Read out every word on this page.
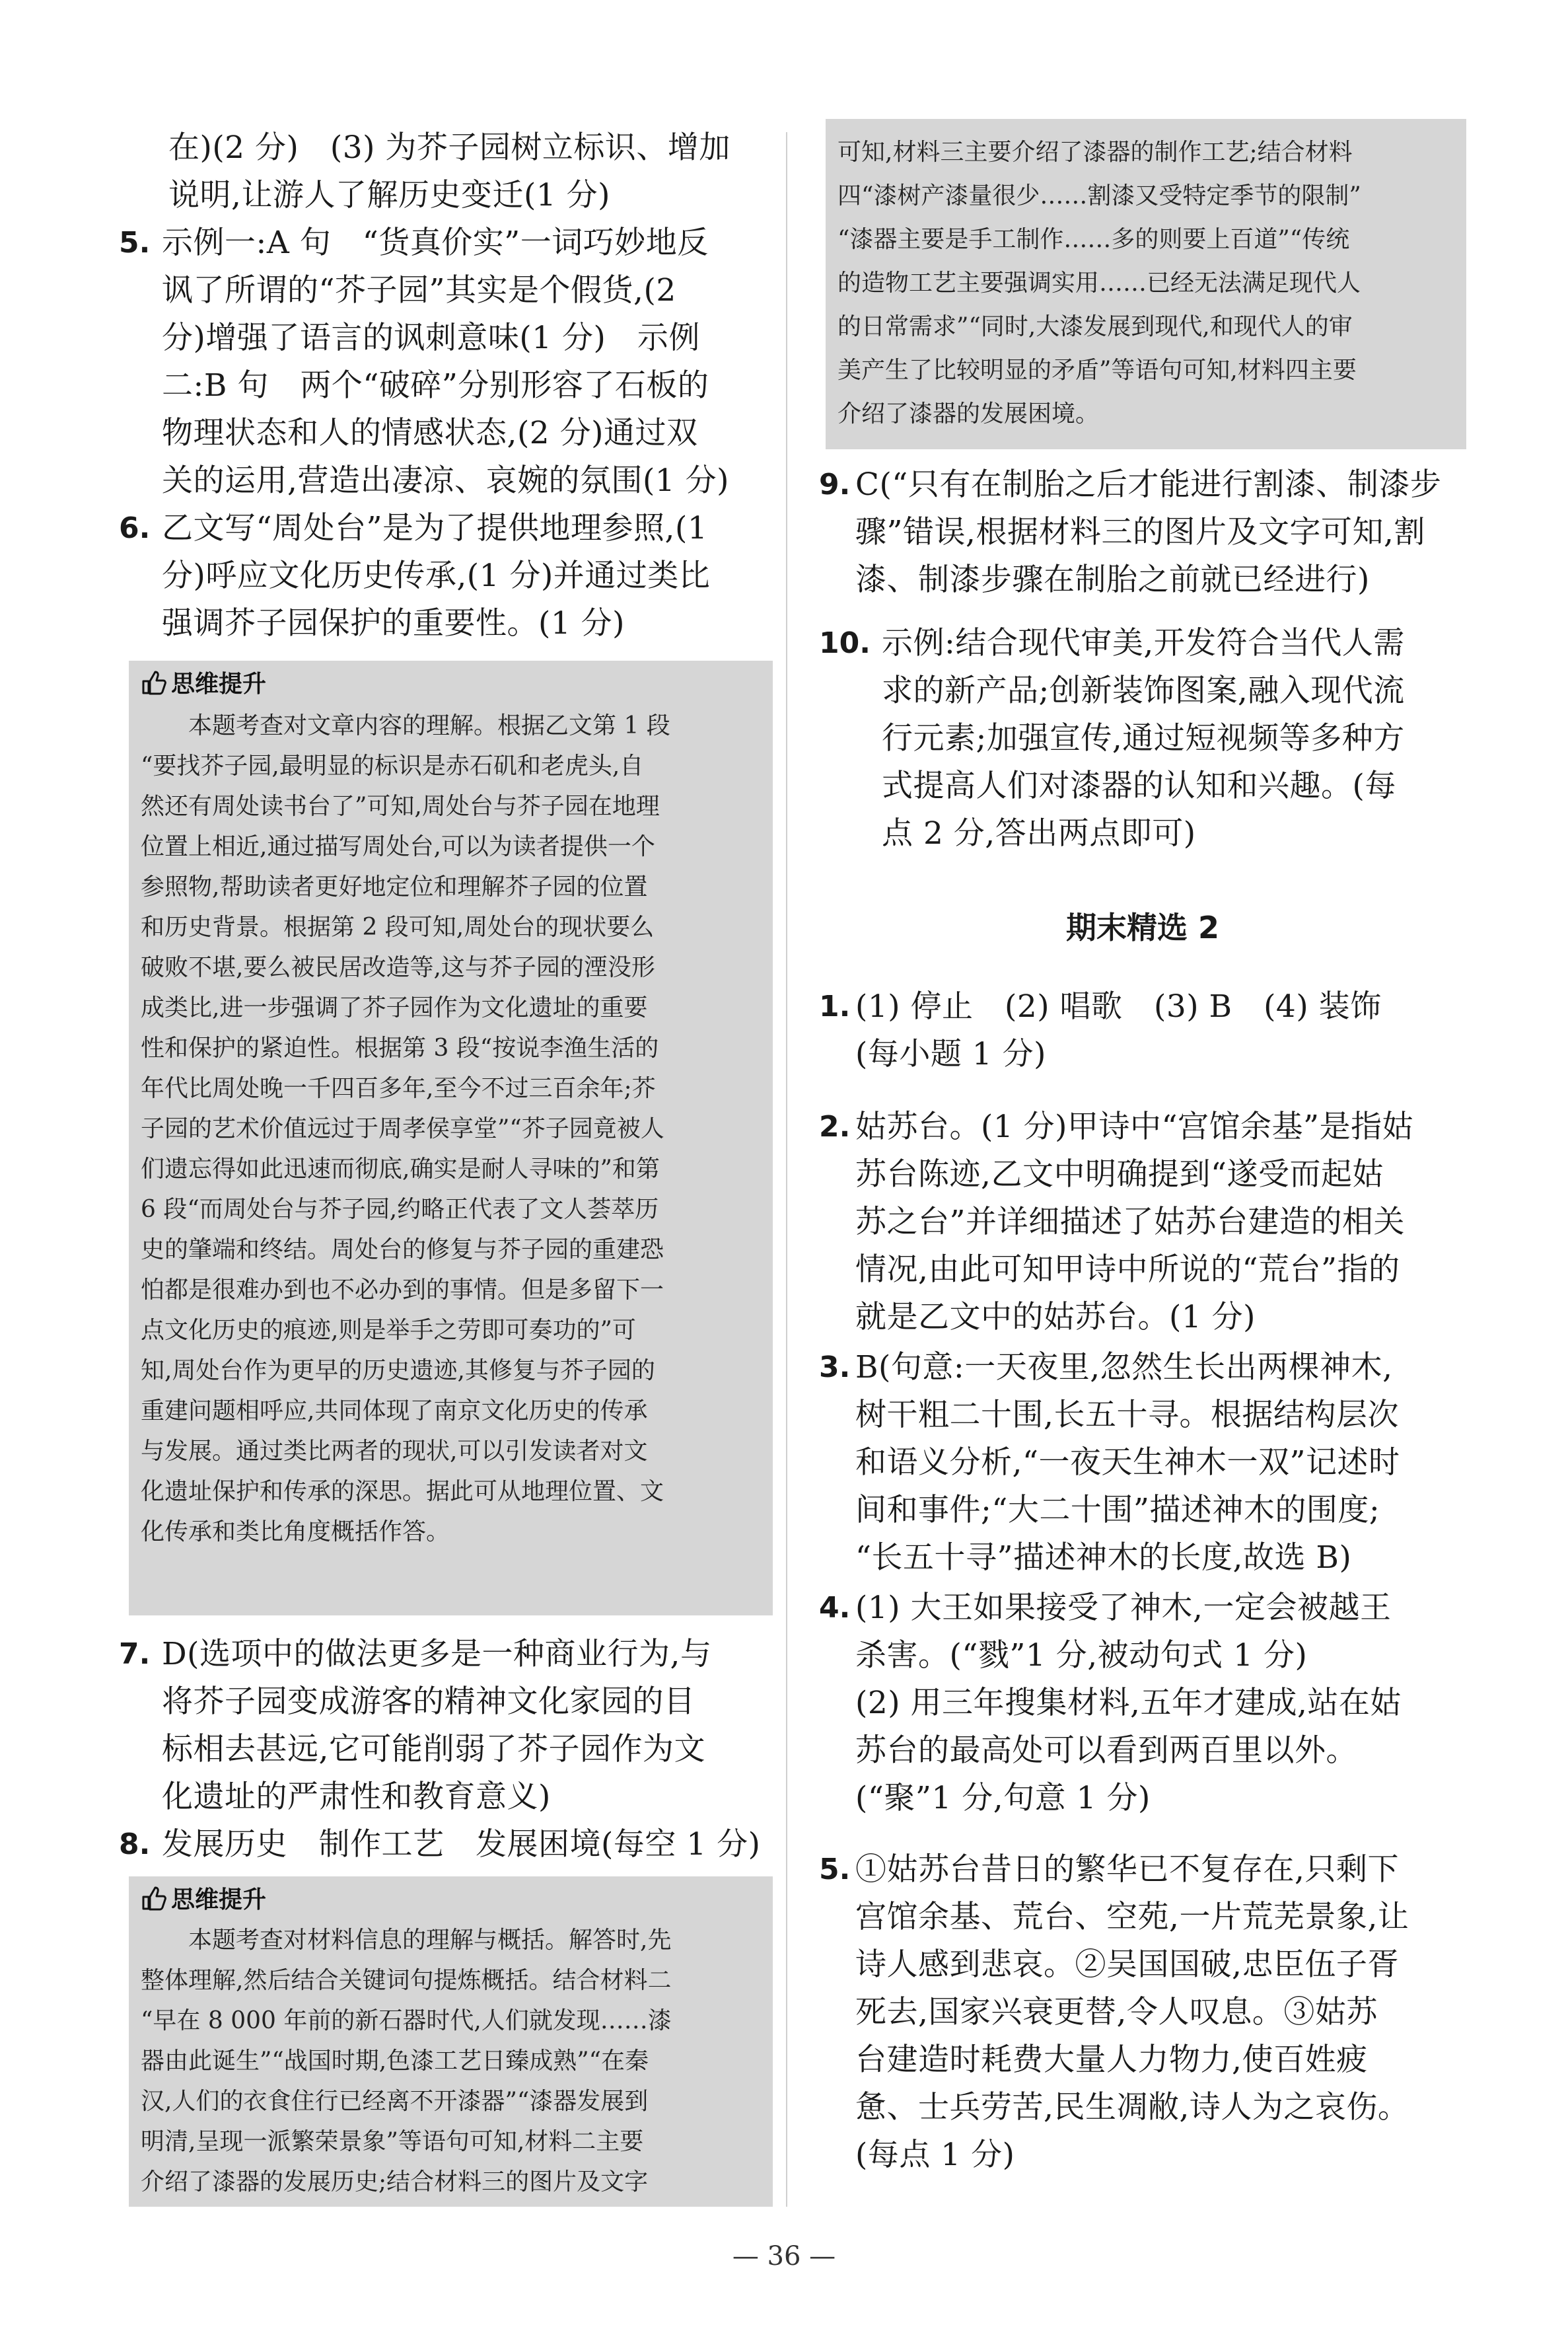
在)(2 分)　(3) 为芥子园树立标识、增加
说明,让游人了解历史变迁(1 分)
5. 示例一:A 句　“货真价实”一词巧妙地反
讽了所谓的“芥子园”其实是个假货,(2
分)增强了语言的讽刺意味(1 分)　示例
二:B 句　两个“破碎”分别形容了石板的
物理状态和人的情感状态,(2 分)通过双
关的运用,营造出凄凉、哀婉的氛围(1 分)
6. 乙文写“周处台”是为了提供地理参照,(1
分)呼应文化历史传承,(1 分)并通过类比
强调芥子园保护的重要性。(1 分)
思维提升
　　本题考查对文章内容的理解。根据乙文第 1 段
“要找芥子园,最明显的标识是赤石矶和老虎头,自
然还有周处读书台了”可知,周处台与芥子园在地理
位置上相近,通过描写周处台,可以为读者提供一个
参照物,帮助读者更好地定位和理解芥子园的位置
和历史背景。根据第 2 段可知,周处台的现状要么
破败不堪,要么被民居改造等,这与芥子园的湮没形
成类比,进一步强调了芥子园作为文化遗址的重要
性和保护的紧迫性。根据第 3 段“按说李渔生活的
年代比周处晚一千四百多年,至今不过三百余年;芥
子园的艺术价值远过于周孝侯享堂”“芥子园竟被人
们遗忘得如此迅速而彻底,确实是耐人寻味的”和第
6 段“而周处台与芥子园,约略正代表了文人荟萃历
史的肇端和终结。周处台的修复与芥子园的重建恐
怕都是很难办到也不必办到的事情。但是多留下一
点文化历史的痕迹,则是举手之劳即可奏功的”可
知,周处台作为更早的历史遗迹,其修复与芥子园的
重建问题相呼应,共同体现了南京文化历史的传承
与发展。通过类比两者的现状,可以引发读者对文
化遗址保护和传承的深思。据此可从地理位置、文
化传承和类比角度概括作答。
7. D(选项中的做法更多是一种商业行为,与
将芥子园变成游客的精神文化家园的目
标相去甚远,它可能削弱了芥子园作为文
化遗址的严肃性和教育意义)
8. 发展历史　制作工艺　发展困境(每空 1 分)
思维提升
　　本题考查对材料信息的理解与概括。解答时,先
整体理解,然后结合关键词句提炼概括。结合材料二
“早在 8 000 年前的新石器时代,人们就发现……漆
器由此诞生”“战国时期,色漆工艺日臻成熟”“在秦
汉,人们的衣食住行已经离不开漆器”“漆器发展到
明清,呈现一派繁荣景象”等语句可知,材料二主要
介绍了漆器的发展历史;结合材料三的图片及文字
可知,材料三主要介绍了漆器的制作工艺;结合材料
四“漆树产漆量很少……割漆又受特定季节的限制”
“漆器主要是手工制作……多的则要上百道”“传统
的造物工艺主要强调实用……已经无法满足现代人
的日常需求”“同时,大漆发展到现代,和现代人的审
美产生了比较明显的矛盾”等语句可知,材料四主要
介绍了漆器的发展困境。
9. C(“只有在制胎之后才能进行割漆、制漆步
骤”错误,根据材料三的图片及文字可知,割
漆、制漆步骤在制胎之前就已经进行)
10. 示例:结合现代审美,开发符合当代人需
求的新产品;创新装饰图案,融入现代流
行元素;加强宣传,通过短视频等多种方
式提高人们对漆器的认知和兴趣。(每
点 2 分,答出两点即可)
期末精选 2
1. (1) 停止　(2) 唱歌　(3) B　(4) 装饰
(每小题 1 分)
2. 姑苏台。(1 分)甲诗中“宫馆余基”是指姑
苏台陈迹,乙文中明确提到“遂受而起姑
苏之台”并详细描述了姑苏台建造的相关
情况,由此可知甲诗中所说的“荒台”指的
就是乙文中的姑苏台。(1 分)
3. B(句意:一天夜里,忽然生长出两棵神木,
树干粗二十围,长五十寻。根据结构层次
和语义分析,“一夜天生神木一双”记述时
间和事件;“大二十围”描述神木的围度;
“长五十寻”描述神木的长度,故选 B)
4. (1) 大王如果接受了神木,一定会被越王
杀害。(“戮”1 分,被动句式 1 分)
(2) 用三年搜集材料,五年才建成,站在姑
苏台的最高处可以看到两百里以外。
(“聚”1 分,句意 1 分)
5. ①姑苏台昔日的繁华已不复存在,只剩下
宫馆余基、荒台、空苑,一片荒芜景象,让
诗人感到悲哀。②吴国国破,忠臣伍子胥
死去,国家兴衰更替,令人叹息。③姑苏
台建造时耗费大量人力物力,使百姓疲
惫、士兵劳苦,民生凋敝,诗人为之哀伤。
(每点 1 分)
— 36 —
